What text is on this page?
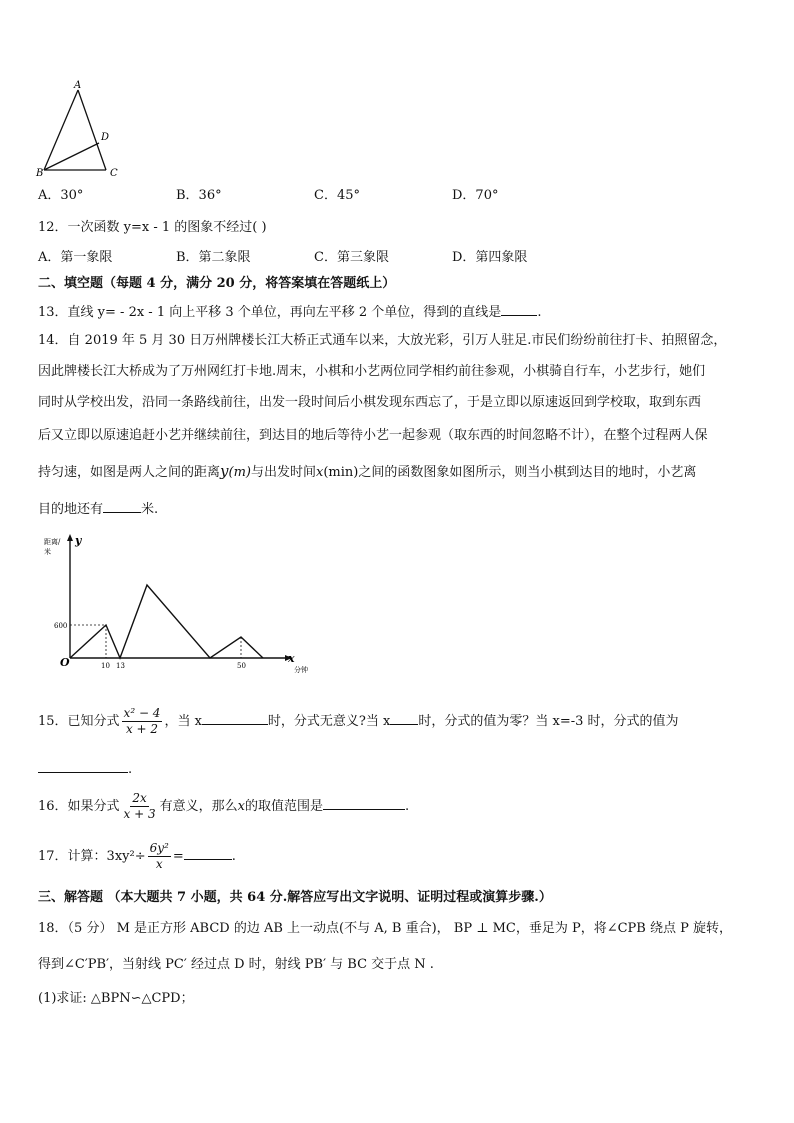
A
B	C
D
A．30°	B．36°	C．45°	D．70°
12．一次函数 y=x - 1 的图象不经过( )
A．第一象限	B．第二象限	C．第三象限	D．第四象限
二、填空题（每题 4 分，满分 20 分，将答案填在答题纸上）
13．直线 y= - 2x - 1 向上平移 3 个单位，再向左平移 2 个单位，得到的直线是	.
14．自 2019 年 5 月 30 日万州牌楼长江大桥正式通车以来，大放光彩，引万人驻足.市民们纷纷前往打卡、拍照留念，
因此牌楼长江大桥成为了万州网红打卡地.周末，小棋和小艺两位同学相约前往参观，小棋骑自行车，小艺步行，她们
同时从学校出发，沿同一条路线前往，出发一段时间后小棋发现东西忘了，于是立即以原速返回到学校取，取到东西
后又立即以原速追赶小艺并继续前往，到达目的地后等待小艺一起参观（取东西的时间忽略不计），在整个过程两人保
持匀速，如图是两人之间的距离y(m)与出发时间x(min)之间的函数图象如图所示，则当小棋到达目的地时，小艺离
目的地还有	米.
距离/
米
y
x
分钟
O
600
10 13	50
15．已知分式 $\frac{\text{x² − 4}}{x + 2}$ ，当 x	时，分式无意义?当 x 时，分式的值为零？当 x=-3 时，分式的值为
.
16．如果分式 $\frac{2x}{x + 3}$ 有意义，那么x的取值范围是	.
17．计算：$3xy^2\div \frac{\text{6y²}}{x}$ =	.
三、解答题 （本大题共 7 小题，共 64 分.解答应写出文字说明、证明过程或演算步骤.）
18．（5 分） M 是正方形 ABCD 的边 AB 上一动点(不与 A, B 重合)， BP ⊥ MC，垂足为 P，将∠CPB 绕点 P 旋转，
得到∠C′PB′，当射线 PC′ 经过点 D 时，射线 PB′ 与 BC 交于点 N .
(1)求证: △BPN∽△CPD；
